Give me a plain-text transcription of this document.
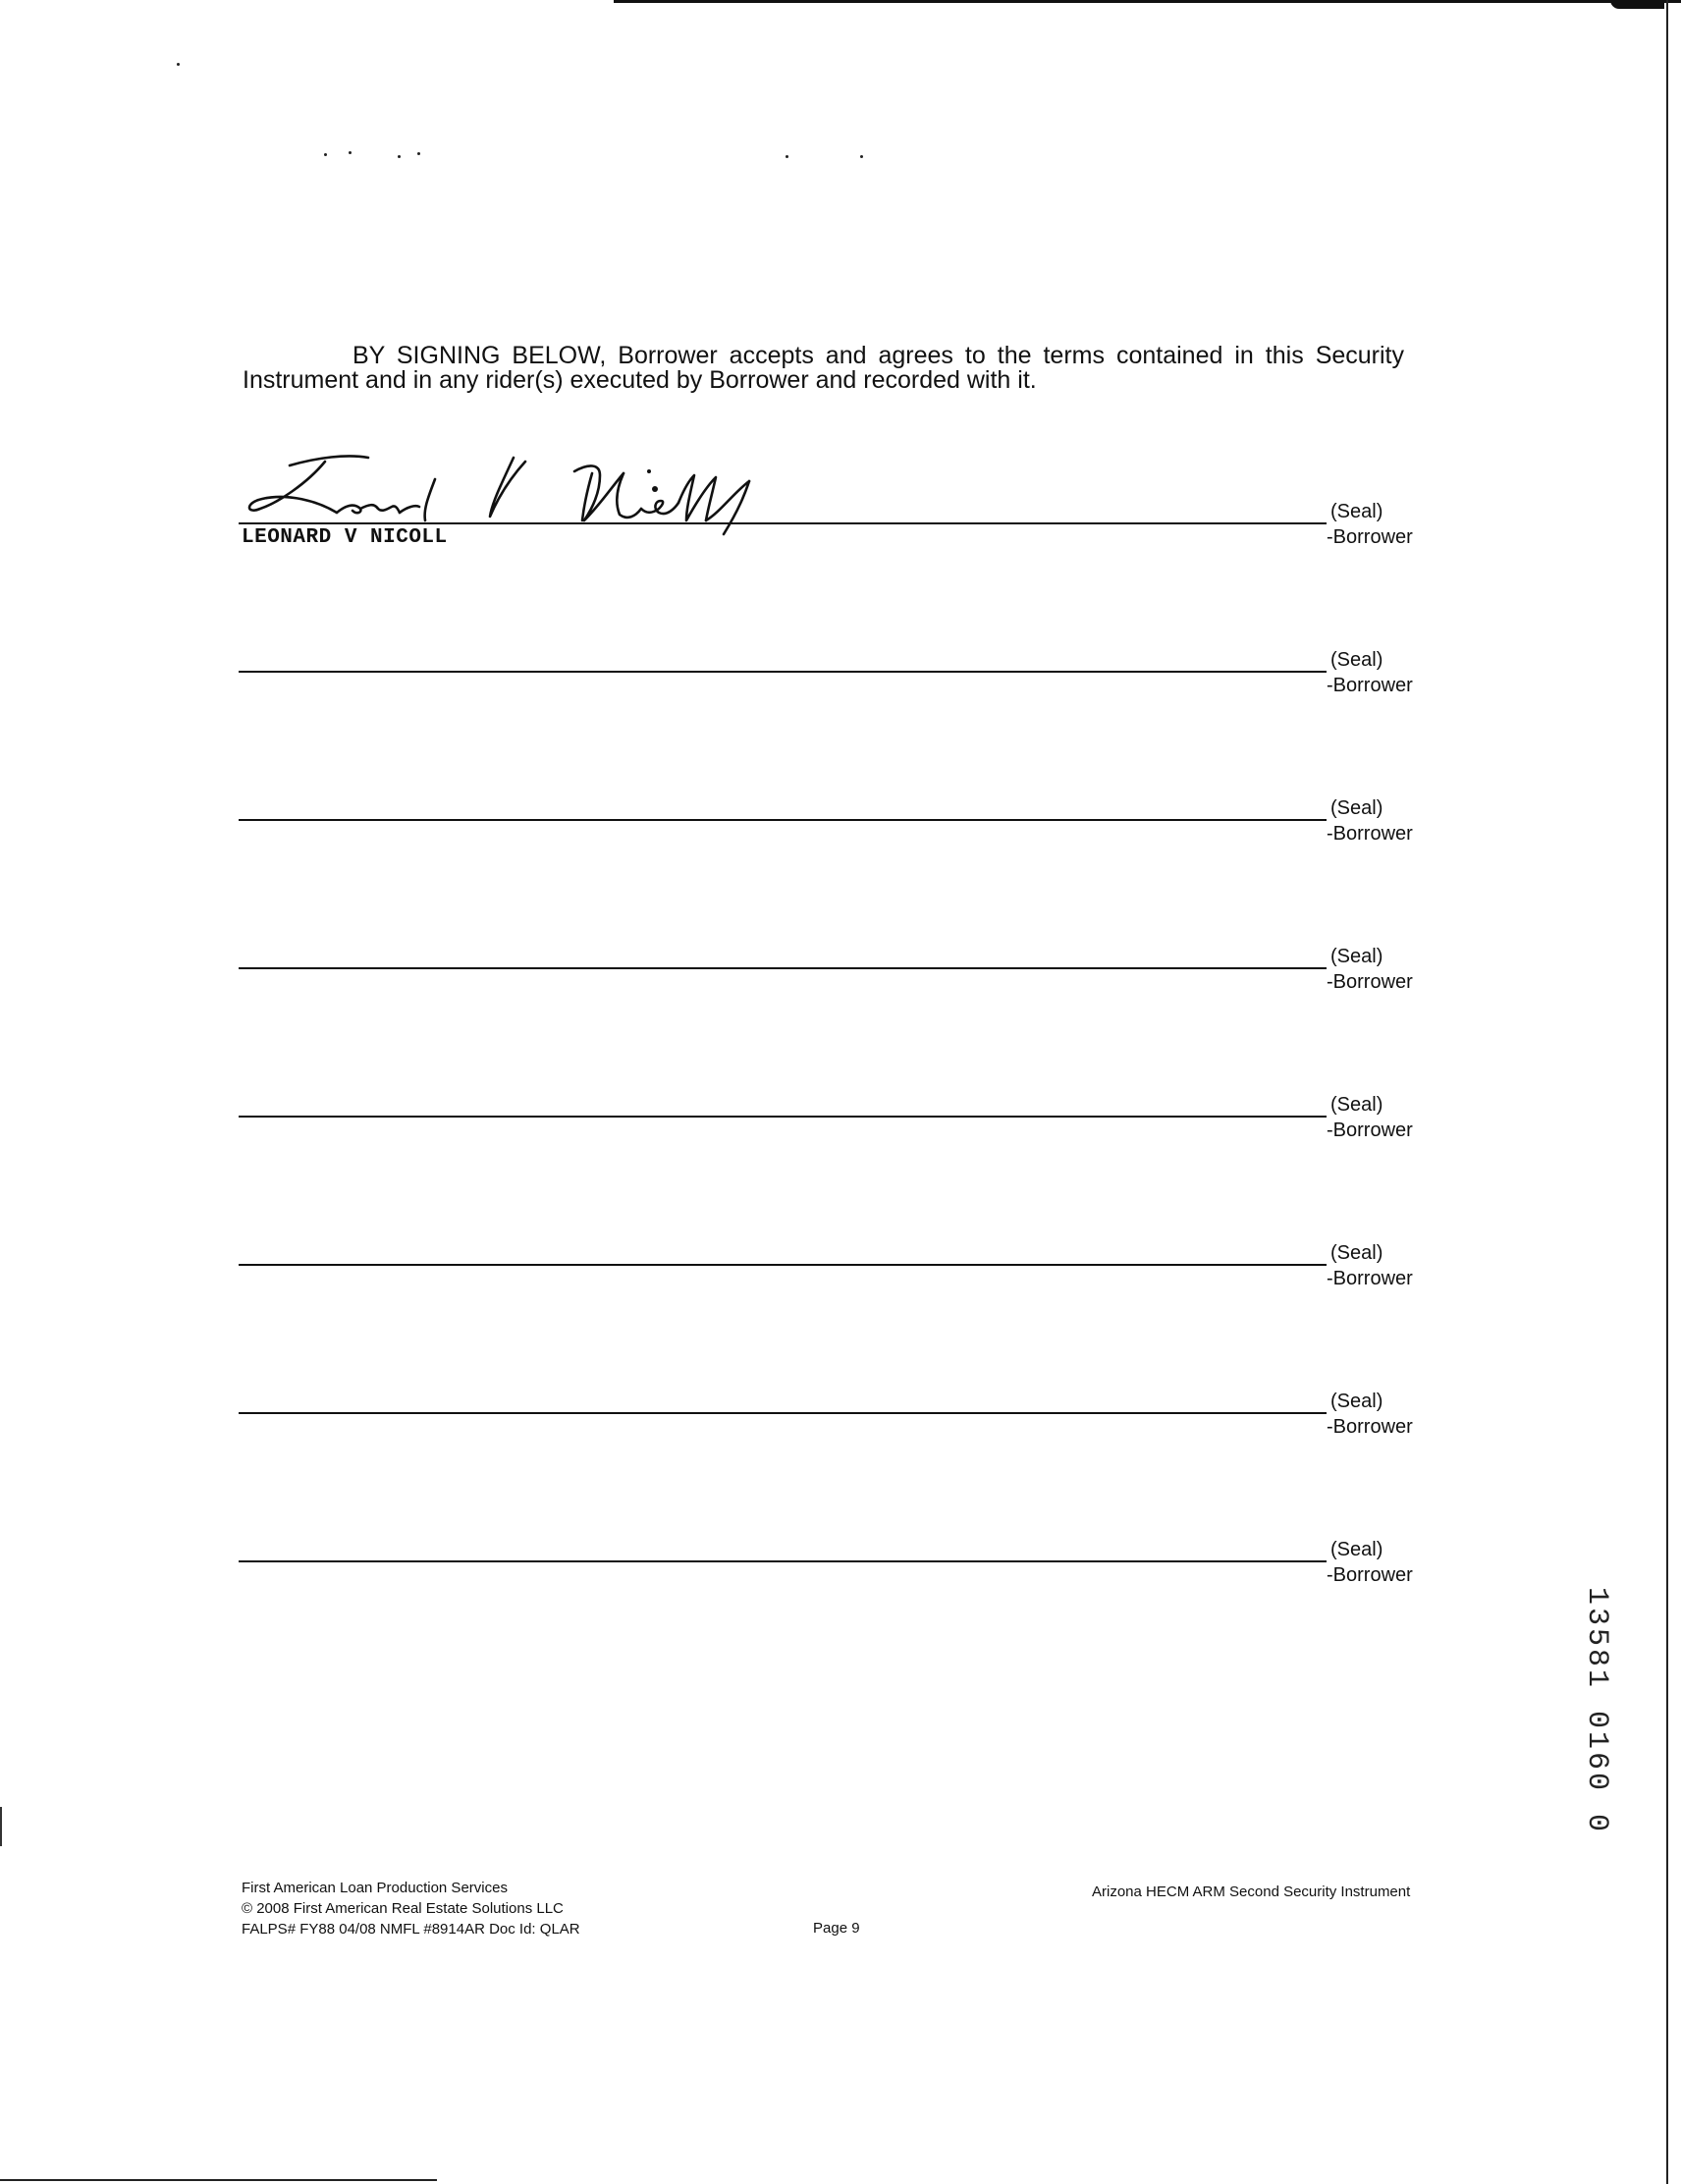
BY SIGNING BELOW, Borrower accepts and agrees to the terms contained in this Security Instrument and in any rider(s) executed by Borrower and recorded with it.
LEONARD V NICOLL
(Seal)
-Borrower
(Seal)
-Borrower
(Seal)
-Borrower
(Seal)
-Borrower
(Seal)
-Borrower
(Seal)
-Borrower
(Seal)
-Borrower
(Seal)
-Borrower
First American Loan Production Services
© 2008 First American Real Estate Solutions LLC
FALPS# FY88 04/08 NMFL #8914AR Doc Id: QLAR	Page 9
Arizona HECM ARM Second Security Instrument
13581 0160 0
